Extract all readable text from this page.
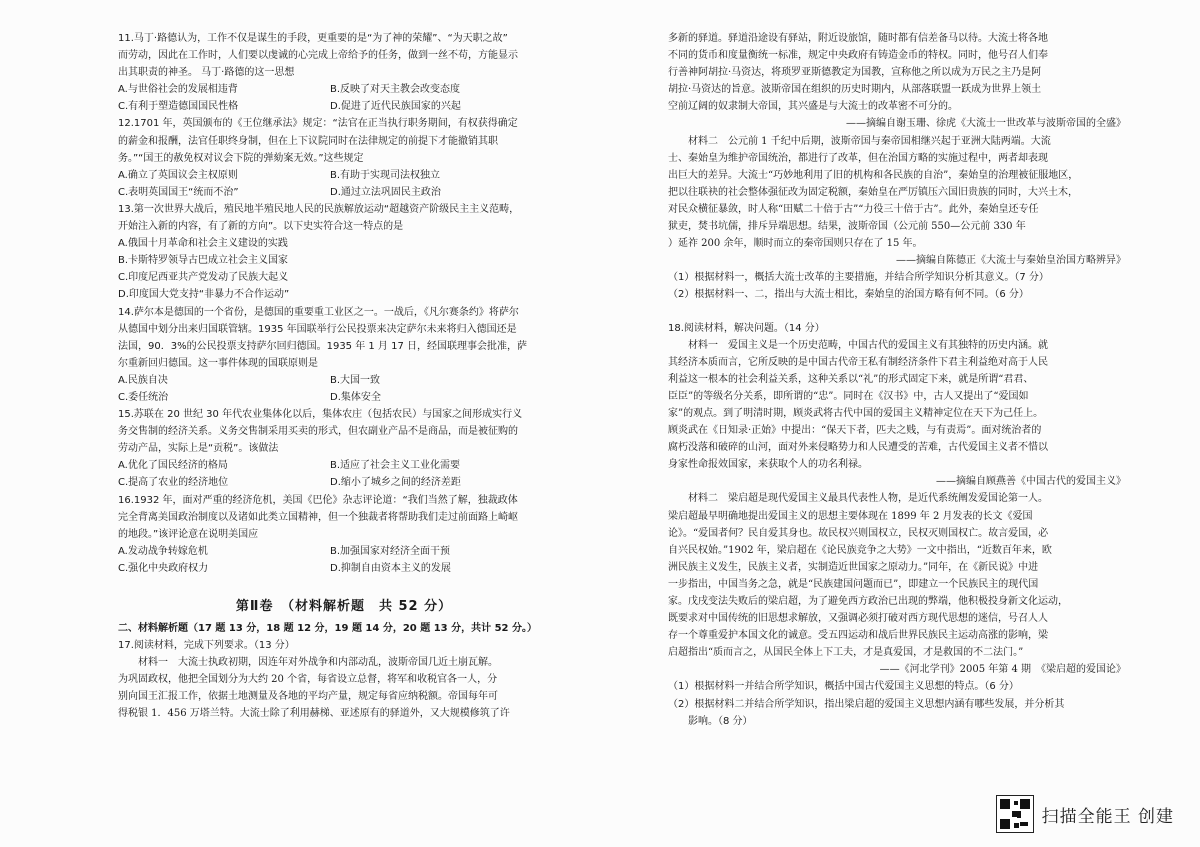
11.马丁·路德认为，工作不仅是谋生的手段，更重要的是“为了神的荣耀”、“为天职之故”
而劳动，因此在工作时，人们要以虔诚的心完成上帝给予的任务，做到一丝不苟，方能显示
出其职责的神圣。 马丁·路德的这一思想
A.与世俗社会的发展相违背	B.反映了对天主教会改变态度
C.有利于塑造德国国民性格	D.促进了近代民族国家的兴起
12.1701 年，英国颁布的《王位继承法》规定：“法官在正当执行职务期间，有权获得确定
的薪金和报酬，法官任职终身制，但在上下议院同时在法律规定的前提下才能撤销其职
务。”“国王的赦免权对议会下院的弹劾案无效。”这些规定
A.确立了英国议会主权原则	B.有助于实现司法权独立
C.表明英国国王“统而不治”	D.通过立法巩固民主政治
13.第一次世界大战后，殖民地半殖民地人民的民族解放运动“超越资产阶级民主主义范畴，
开始注入新的内容，有了新的方向”。以下史实符合这一特点的是
A.俄国十月革命和社会主义建设的实践
B.卡斯特罗领导古巴成立社会主义国家
C.印度尼西亚共产党发动了民族大起义
D.印度国大党支持“非暴力不合作运动”
14.萨尔本是德国的一个省份，是德国的重要重工业区之一。一战后，《凡尔赛条约》将萨尔
从德国中划分出来归国联管辖。1935 年国联举行公民投票来决定萨尔未来将归入德国还是
法国，90．3%的公民投票支持萨尔回归德国。1935 年 1 月 17 日，经国联理事会批准，萨
尔重新回归德国。这一事件体现的国联原则是
A.民族自决	B.大国一致
C.委任统治	D.集体安全
15.苏联在 20 世纪 30 年代农业集体化以后，集体农庄（包括农民）与国家之间形成实行义
务交售制的经济关系。义务交售制采用买卖的形式，但农副业产品不是商品，而是被征购的
劳动产品，实际上是“贡税”。该做法
A.优化了国民经济的格局	B.适应了社会主义工业化需要
C.提高了农业的经济地位	D.缩小了城乡之间的经济差距
16.1932 年，面对严重的经济危机，美国《巴伦》杂志评论道：“我们当然了解，独裁政体
完全背离美国政治制度以及诸如此类立国精神，但一个独裁者将帮助我们走过前面路上崎岖
的地段。”该评论意在说明美国应
A.发动战争转嫁危机	B.加强国家对经济全面干预
C.强化中央政府权力	D.抑制自由资本主义的发展
第Ⅱ卷　（材料解析题　共 52 分）
二、材料解析题（17 题 13 分，18 题 12 分，19 题 14 分，20 题 13 分，共计 52 分。）
17.阅读材料，完成下列要求。（13 分）
　　材料一　大流士执政初期，因连年对外战争和内部动乱，波斯帝国几近土崩瓦解。
为巩固政权，他把全国划分为大约 20 个省，每省设立总督，将军和收税官各一人，分
别向国王汇报工作，依据土地测量及各地的平均产量，规定每省应纳税额。帝国每年可
得税银 1．456 万塔兰特。大流士除了利用赫梯、亚述原有的驿道外，又大规模修筑了许
多新的驿道。驿道沿途设有驿站，附近设旅馆，随时都有信差备马以待。大流士将各地
不同的货币和度量衡统一标准，规定中央政府有铸造金币的特权。同时，他号召人们奉
行善神阿胡拉·马资达，将琐罗亚斯德教定为国教，宣称他之所以成为万民之主乃是阿
胡拉·马资达的旨意。波斯帝国在组织的历史时期内，从部落联盟一跃成为世界上领土
空前辽阔的奴隶制大帝国，其兴盛是与大流士的改革密不可分的。
——摘编自谢玉珊、徐虎《大流士一世改革与波斯帝国的全盛》
　　材料二　公元前 1 千纪中后期，波斯帝国与秦帝国相继兴起于亚洲大陆两端。大流
士、秦始皇为维护帝国统治，都进行了改革，但在治国方略的实施过程中，两者却表现
出巨大的差异。大流士“巧妙地利用了旧的机构和各民族的自治”，秦始皇的治理被征服地区，
把以往联袂的社会整体强征改为固定税额，秦始皇在严厉镇压六国旧贵族的同时，大兴土木，
对民众横征暴敛，时人称“田赋二十倍于古”“力役三十倍于古”。此外，秦始皇还专任
狱吏，焚书坑儒，排斥异端思想。结果，波斯帝国（公元前 550—公元前 330 年
）延祚 200 余年，顺时而立的秦帝国则只存在了 15 年。
——摘编自陈德正《大流士与秦始皇治国方略辨异》
（1）根据材料一，概括大流士改革的主要措施，并结合所学知识分析其意义。（7 分）
（2）根据材料一、二，指出与大流士相比，秦始皇的治国方略有何不同。（6 分）
18.阅读材料，解决问题。（14 分）
　　材料一　爱国主义是一个历史范畴，中国古代的爱国主义有其独特的历史内涵。就
其经济本质而言，它所反映的是中国古代帝王私有制经济条件下君主利益绝对高于人民
利益这一根本的社会利益关系，这种关系以“礼”的形式固定下来，就是所谓“君君、
臣臣”的等级名分关系，即所谓的“忠”。同时在《汉书》中，古人又提出了“爱国如
家”的观点。到了明清时期，顾炎武将古代中国的爱国主义精神定位在天下为己任上。
顾炎武在《日知录·正始》中提出：“保天下者，匹夫之贱，与有责焉”。面对统治者的
腐朽没落和破碎的山河，面对外来侵略势力和人民遭受的苦难，古代爱国主义者不惜以
身家性命报效国家，来获取个人的功名利禄。
——摘编自顾燕善《中国古代的爱国主义》
　　材料二　梁启超是现代爱国主义最具代表性人物，是近代系统阐发爱国论第一人。
梁启超最早明确地提出爱国主义的思想主要体现在 1899 年 2 月发表的长文《爱国
论》。“爱国者何？民自爱其身也。故民权兴则国权立，民权灭则国权亡。故言爱国，必
自兴民权始。”1902 年，梁启超在《论民族竞争之大势》一文中指出，“近数百年来，欧
洲民族主义发生，民族主义者，实制造近世国家之原动力。”同年，在《新民说》中进
一步指出，中国当务之急，就是“民族建国问题而已”，即建立一个民族民主的现代国
家。戊戌变法失败后的梁启超，为了避免西方政治已出现的弊端，他积极投身新文化运动，
既要求对中国传统的旧思想求解放，又强调必须打破对西方现代思想的迷信，号召人人
存一个尊重爱护本国文化的诚意。受五四运动和战后世界民族民主运动高涨的影响，梁
启超指出“质而言之，从国民全体上下工夫，才是真爱国，才是救国的不二法门。”
——《河北学刊》2005 年第 4 期　《梁启超的爱国论》
（1）根据材料一并结合所学知识，概括中国古代爱国主义思想的特点。（6 分）
（2）根据材料二并结合所学知识，指出梁启超的爱国主义思想内涵有哪些发展，并分析其
影响。（8 分）
扫描全能王 创建
